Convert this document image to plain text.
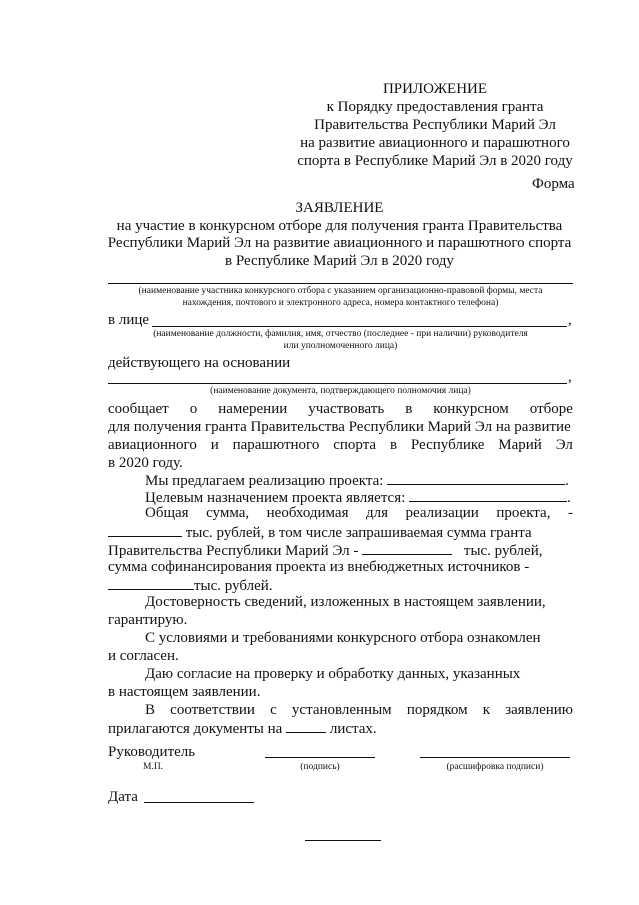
ПРИЛОЖЕНИЕ
к Порядку предоставления гранта
Правительства Республики Марий Эл
на развитие авиационного и парашютного
спорта в Республике Марий Эл в 2020 году
Форма
ЗАЯВЛЕНИЕ
на участие в конкурсном отборе для получения гранта Правительства
Республики Марий Эл на развитие авиационного и парашютного спорта
в Республике Марий Эл в 2020 году
(наименование участника конкурсного отбора с указанием организационно-правовой формы, места
нахождения, почтового и электронного адреса, номера контактного телефона)
в лице	,
(наименование должности, фамилия, имя, отчество (последнее - при наличии) руководителя
или уполномоченного лица)
действующего на основании
,
(наименование документа, подтверждающего полномочия лица)
сообщает о намерении участвовать в конкурсном отборе
для получения гранта Правительства Республики Марий Эл на развитие
авиационного и парашютного спорта в Республике Марий Эл
в 2020 году.
Мы предлагаем реализацию проекта:	.
Целевым назначением проекта является:	.
Общая сумма, необходимая для реализации проекта, -
тыс. рублей, в том числе запрашиваемая сумма гранта
Правительства Республики Марий Эл -	тыс. рублей,
сумма софинансирования проекта из внебюджетных источников -
тыс. рублей.
Достоверность сведений, изложенных в настоящем заявлении,
гарантирую.
С условиями и требованиями конкурсного отбора ознакомлен
и согласен.
Даю согласие на проверку и обработку данных, указанных
в настоящем заявлении.
В соответствии с установленным порядком к заявлению
прилагаются документы на	листах.
Руководитель
М.П.	(подпись)	(расшифровка подписи)
Дата
